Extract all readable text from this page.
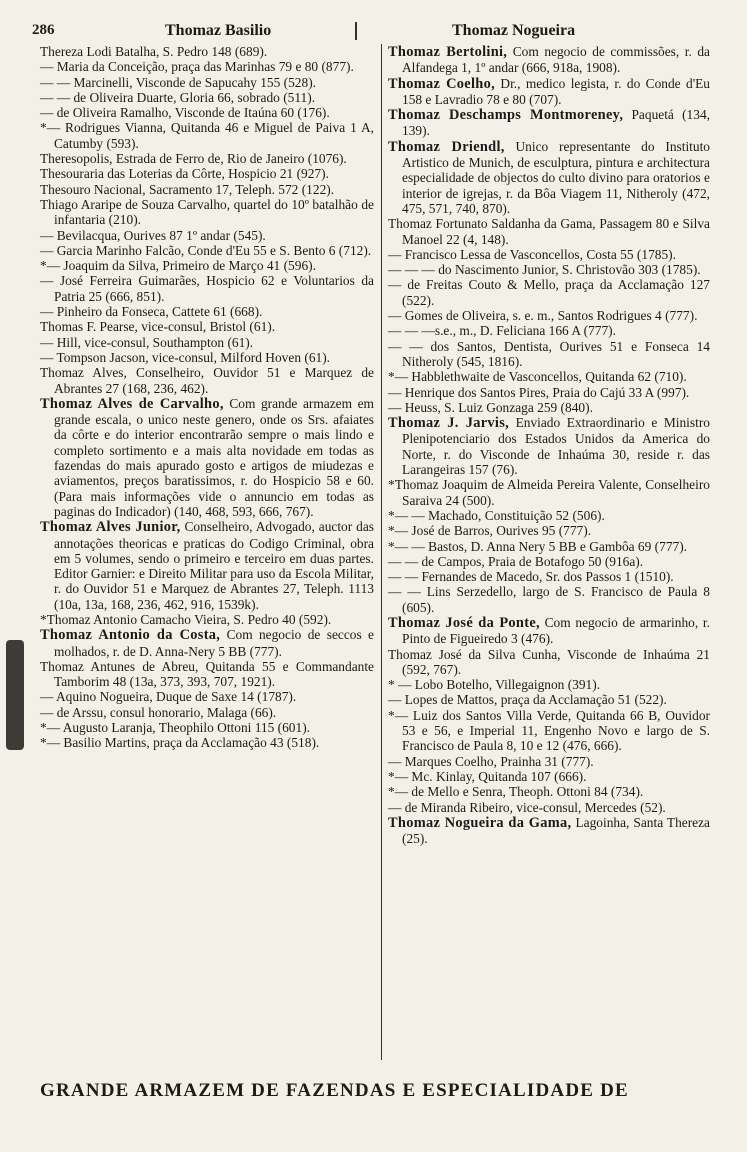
286	Thomaz Basilio	Thomaz Nogueira

Thereza Lodi Batalha, S. Pedro 148 (689).

— Maria da Conceição, praça das Marinhas 79 e 80 (877).

— — Marcinelli, Visconde de Sapucahy 155 (528).

— — de Oliveira Duarte, Gloria 66, sobrado (511).

— de Oliveira Ramalho, Visconde de Itaúna 60 (176).

*— Rodrigues Vianna, Quitanda 46 e Miguel de Paiva 1 A, Catumby (593).

Theresopolis, Estrada de Ferro de, Rio de Janeiro (1076).

Thesouraria das Loterias da Côrte, Hospicio 21 (927).

Thesouro Nacional, Sacramento 17, Teleph. 572 (122).

Thiago Araripe de Souza Carvalho, quartel do 10º batalhão de infantaria (210).

— Bevilacqua, Ourives 87 1º andar (545).

— Garcia Marinho Falcão, Conde d'Eu 55 e S. Bento 6 (712).

*— Joaquim da Silva, Primeiro de Março 41 (596).

— José Ferreira Guimarães, Hospicio 62 e Voluntarios da Patria 25 (666, 851).

— Pinheiro da Fonseca, Cattete 61 (668).

Thomas F. Pearse, vice-consul, Bristol (61).

— Hill, vice-consul, Southampton (61).

— Tompson Jacson, vice-consul, Milford Hoven (61).

Thomaz Alves, Conselheiro, Ouvidor 51 e Marquez de Abrantes 27 (168, 236, 462).

Thomaz Alves de Carvalho, Com grande armazem em grande escala, o unico neste genero, onde os Srs. afaiates da côrte e do interior encontrarão sempre o mais lindo e completo sortimento e a mais alta novidade em todas as fazendas do mais apurado gosto e artigos de miudezas e aviamentos, preços baratissimos, r. do Hospicio 58 e 60. (Para mais informações vide o annuncio em todas as paginas do Indicador) (140, 468, 593, 666, 767).

Thomaz Alves Junior, Conselheiro, Advogado, auctor das annotações theoricas e praticas do Codigo Criminal, obra em 5 volumes, sendo o primeiro e terceiro em duas partes. Editor Garnier: e Direito Militar para uso da Escola Militar, r. do Ouvidor 51 e Marquez de Abrantes 27, Teleph. 1113 (10a, 13a, 168, 236, 462, 916, 1539k).

*Thomaz Antonio Camacho Vieira, S. Pedro 40 (592).

Thomaz Antonio da Costa, Com negocio de seccos e molhados, r. de D. Anna-Nery 5 BB (777).

Thomaz Antunes de Abreu, Quitanda 55 e Commandante Tamborim 48 (13a, 373, 393, 707, 1921).

— Aquino Nogueira, Duque de Saxe 14 (1787).

— de Arssu, consul honorario, Malaga (66).

*— Augusto Laranja, Theophilo Ottoni 115 (601).

*— Basilio Martins, praça da Acclamação 43 (518).

Thomaz Bertolini, Com negocio de commissões, r. da Alfandega 1, 1º andar (666, 918a, 1908).

Thomaz Coelho, Dr., medico legista, r. do Conde d'Eu 158 e Lavradio 78 e 80 (707).

Thomaz Deschamps Montmoreney, Paquetá (134, 139).

Thomaz Driendl, Unico representante do Instituto Artistico de Munich, de esculptura, pintura e architectura especialidade de objectos do culto divino para oratorios e interior de igrejas, r. da Bôa Viagem 11, Nitheroly (472, 475, 571, 740, 870).

Thomaz Fortunato Saldanha da Gama, Passagem 80 e Silva Manoel 22 (4, 148).

— Francisco Lessa de Vasconcellos, Costa 55 (1785).

— — — do Nascimento Junior, S. Christovão 303 (1785).

— de Freitas Couto & Mello, praça da Acclamação 127 (522).

— Gomes de Oliveira, s. e. m., Santos Rodrigues 4 (777).

— — —s.e., m., D. Feliciana 166 A (777).

— — dos Santos, Dentista, Ourives 51 e Fonseca 14 Nitheroly (545, 1816).

*— Habblethwaite de Vasconcellos, Quitanda 62 (710).

— Henrique dos Santos Pires, Praia do Cajú 33 A (997).

— Heuss, S. Luiz Gonzaga 259 (840).

Thomaz J. Jarvis, Enviado Extraordinario e Ministro Plenipotenciario dos Estados Unidos da America do Norte, r. do Visconde de Inhaúma 30, reside r. das Larangeiras 157 (76).

*Thomaz Joaquim de Almeida Pereira Valente, Conselheiro Saraiva 24 (500).

*— — Machado, Constituição 52 (506).

*— José de Barros, Ourives 95 (777).

*— — Bastos, D. Anna Nery 5 BB e Gambôa 69 (777).

— — de Campos, Praia de Botafogo 50 (916a).

— — Fernandes de Macedo, Sr. dos Passos 1 (1510).

— — Lins Serzedello, largo de S. Francisco de Paula 8 (605).

Thomaz José da Ponte, Com negocio de armarinho, r. Pinto de Figueiredo 3 (476).

Thomaz José da Silva Cunha, Visconde de Inhaúma 21 (592, 767).

* — Lobo Botelho, Villegaignon (391).

— Lopes de Mattos, praça da Acclamação 51 (522).

*— Luiz dos Santos Villa Verde, Quitanda 66 B, Ouvidor 53 e 56, e Imperial 11, Engenho Novo e largo de S. Francisco de Paula 8, 10 e 12 (476, 666).

— Marques Coelho, Prainha 31 (777).

*— Mc. Kinlay, Quitanda 107 (666).

*— de Mello e Senra, Theoph. Ottoni 84 (734).

— de Miranda Ribeiro, vice-consul, Mercedes (52).

Thomaz Nogueira da Gama, Lagoinha, Santa Thereza (25).

GRANDE ARMAZEM DE FAZENDAS E ESPECIALIDADE DE
